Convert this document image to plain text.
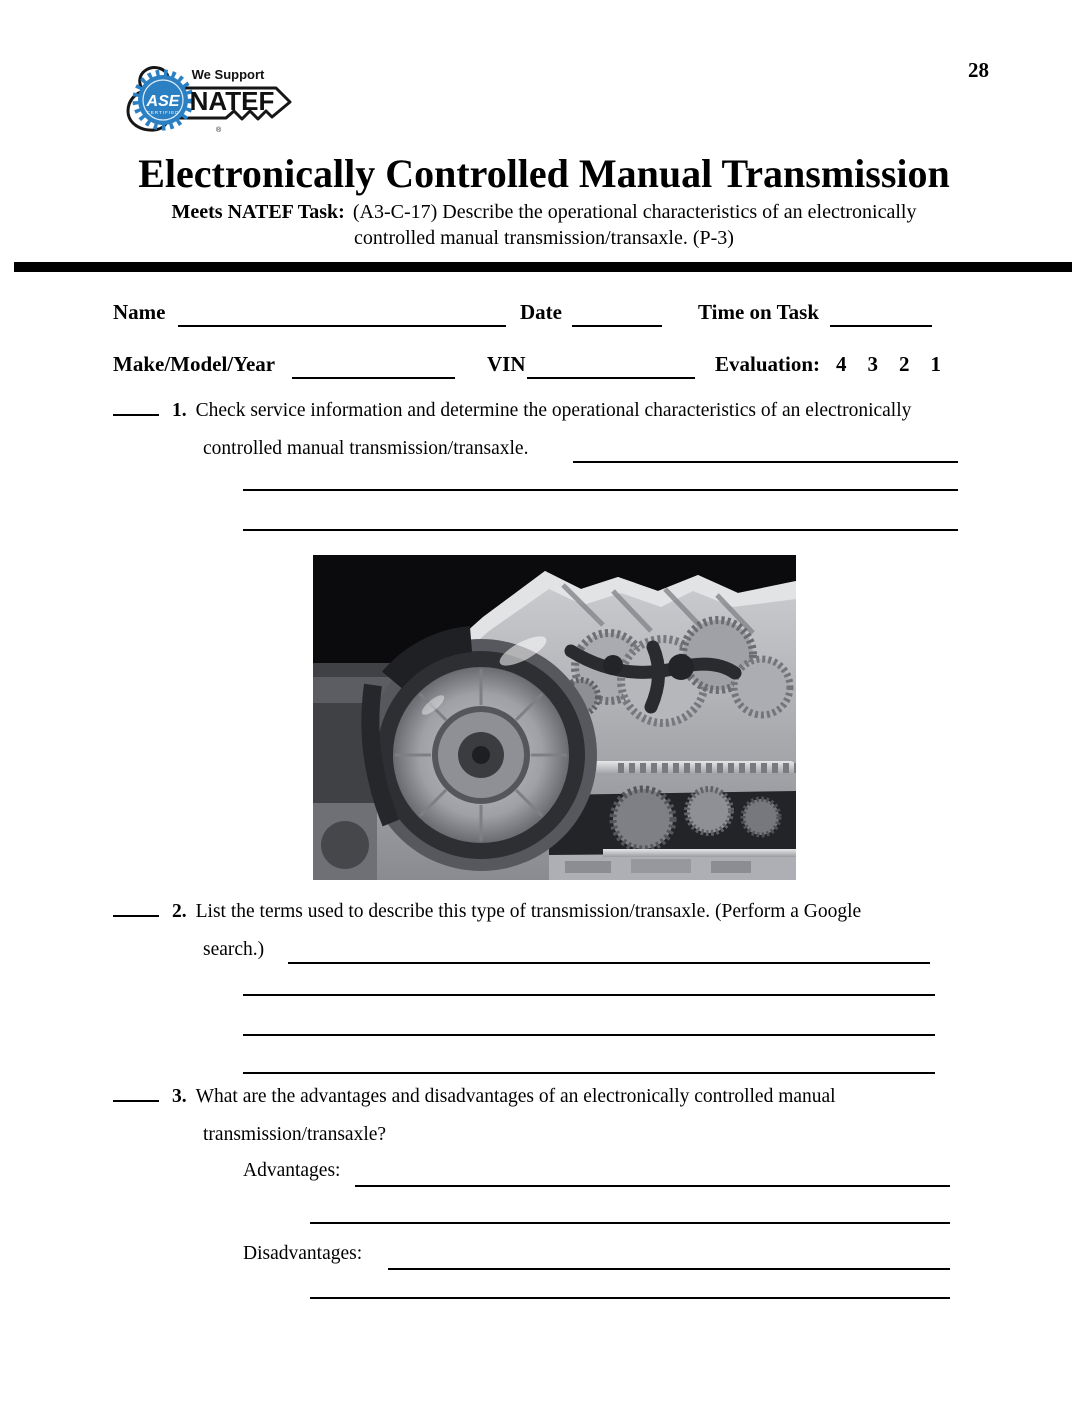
28
We Support
ASE
CERTIFIED NATEF
®
Electronically Controlled Manual Transmission
Meets NATEF Task: (A3-C-17) Describe the operational characteristics of an electronically
controlled manual transmission/transaxle. (P-3)
Name	Date	Time on Task
Make/Model/Year	VIN	Evaluation: 4 3 2 1
1. Check service information and determine the operational characteristics of an electronically
controlled manual transmission/transaxle.
2. List the terms used to describe this type of transmission/transaxle. (Perform a Google
search.)
3. What are the advantages and disadvantages of an electronically controlled manual
transmission/transaxle?
Advantages:
Disadvantages:
